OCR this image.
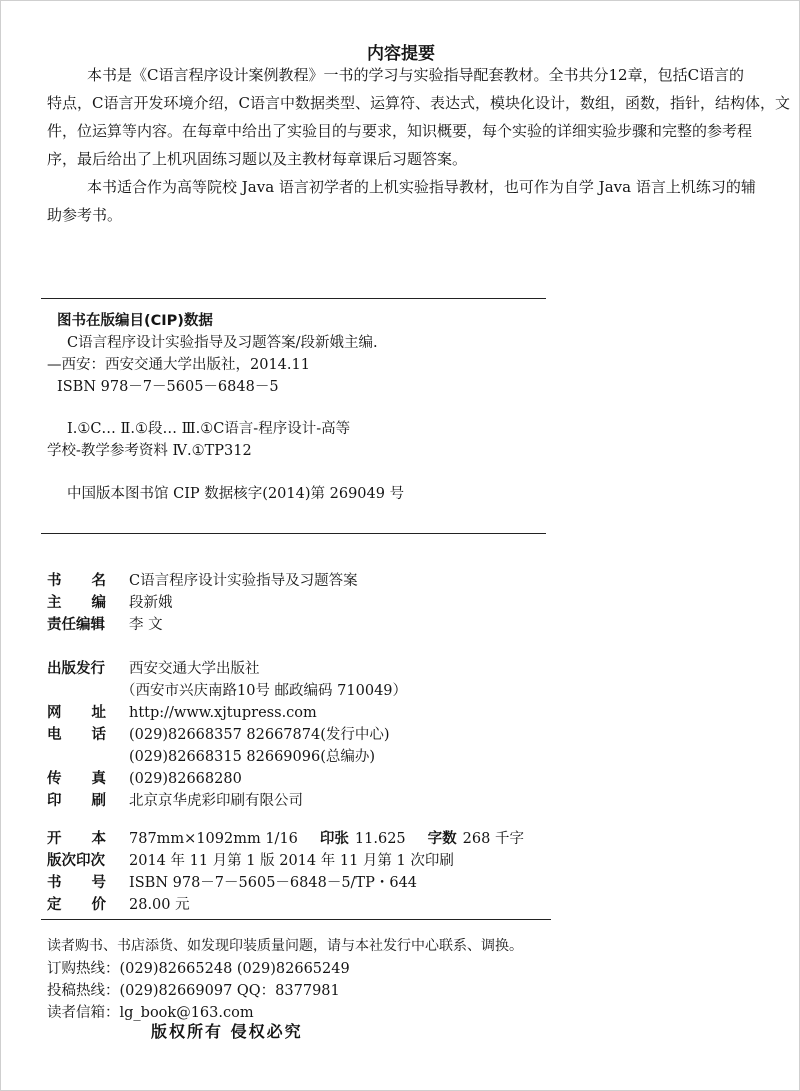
内容提要
本书是《C语言程序设计案例教程》一书的学习与实验指导配套教材。全书共分12章，包括C语言的
特点，C语言开发环境介绍，C语言中数据类型、运算符、表达式，模块化设计，数组，函数，指针，结构体，文
件，位运算等内容。在每章中给出了实验目的与要求，知识概要，每个实验的详细实验步骤和完整的参考程
序，最后给出了上机巩固练习题以及主教材每章课后习题答案。
本书适合作为高等院校 Java 语言初学者的上机实验指导教材，也可作为自学 Java 语言上机练习的辅
助参考书。
图书在版编目(CIP)数据
C语言程序设计实验指导及习题答案/段新娥主编.
—西安：西安交通大学出版社，2014.11
ISBN 978－7－5605－6848－5
Ⅰ.①C… Ⅱ.①段… Ⅲ.①C语言-程序设计-高等
学校-教学参考资料 Ⅳ.①TP312
中国版本图书馆 CIP 数据核字(2014)第 269049 号
书名C语言程序设计实验指导及习题答案
主编段新娥
责任编辑 李 文
出版发行 西安交通大学出版社
（西安市兴庆南路10号 邮政编码 710049）
网址http://www.xjtupress.com
电话(029)82668357 82667874(发行中心)
(029)82668315 82669096(总编办)
传真(029)82668280
印刷北京京华虎彩印刷有限公司
开本787mm×1092mm 1/16 印张 11.625 字数 268 千字
版次印次 2014 年 11 月第 1 版 2014 年 11 月第 1 次印刷
书号ISBN 978－7－5605－6848－5/TP・644
定价28.00 元
读者购书、书店添货、如发现印装质量问题，请与本社发行中心联系、调换。
订购热线：(029)82665248 (029)82665249
投稿热线：(029)82669097 QQ：8377981
读者信箱：lg_book@163.com
版权所有 侵权必究
